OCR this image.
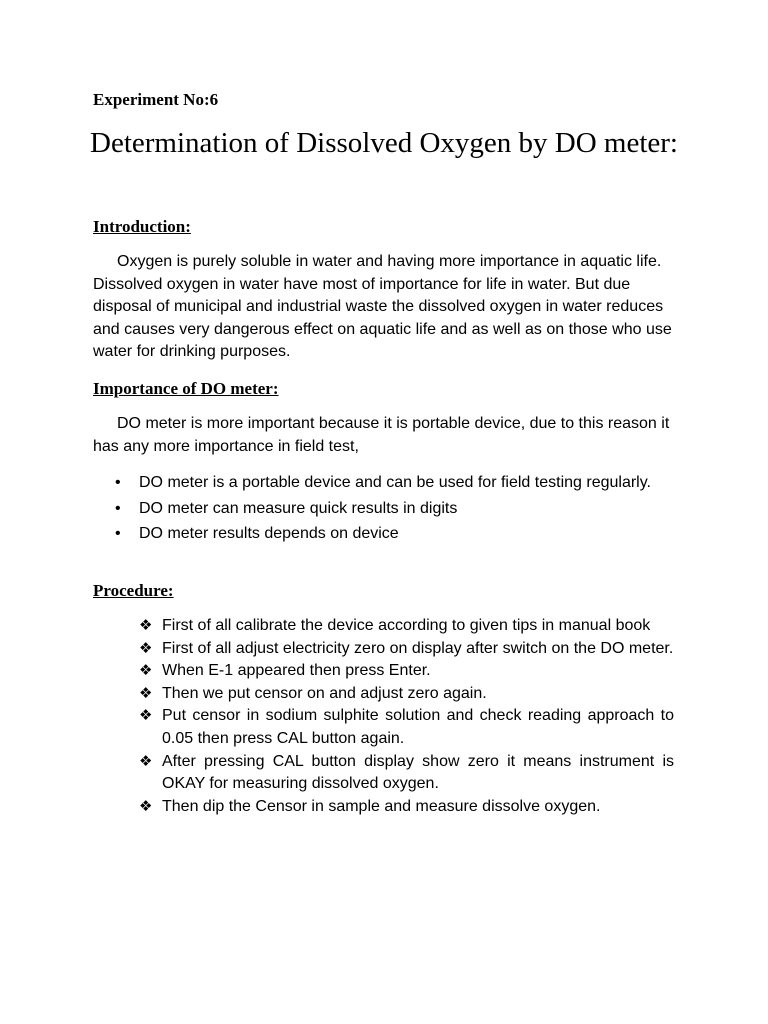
Experiment No:6

Determination of Dissolved Oxygen by DO meter:
Introduction:

Oxygen is purely soluble in water and having more importance in aquatic life. Dissolved oxygen in water have most of importance for life in water. But due disposal of municipal and industrial waste the dissolved oxygen in water reduces and causes very dangerous effect on aquatic life and as well as on those who use water for drinking purposes.

Importance of DO meter:

DO meter is more important because it is portable device, due to this reason it has any more importance in field test,

• DO meter is a portable device and can be used for field testing regularly.
• DO meter can measure quick results in digits
• DO meter results depends on device
Procedure:
❖ First of all calibrate the device according to given tips in manual book
❖ First of all adjust electricity zero on display after switch on the DO meter.
❖ When E-1 appeared then press Enter.
❖ Then we put censor on and adjust zero again.
❖ Put censor in sodium sulphite solution and check reading approach to 0.05 then press CAL button again.
❖ After pressing CAL button display show zero it means instrument is OKAY for measuring dissolved oxygen.
❖ Then dip the Censor in sample and measure dissolve oxygen.
